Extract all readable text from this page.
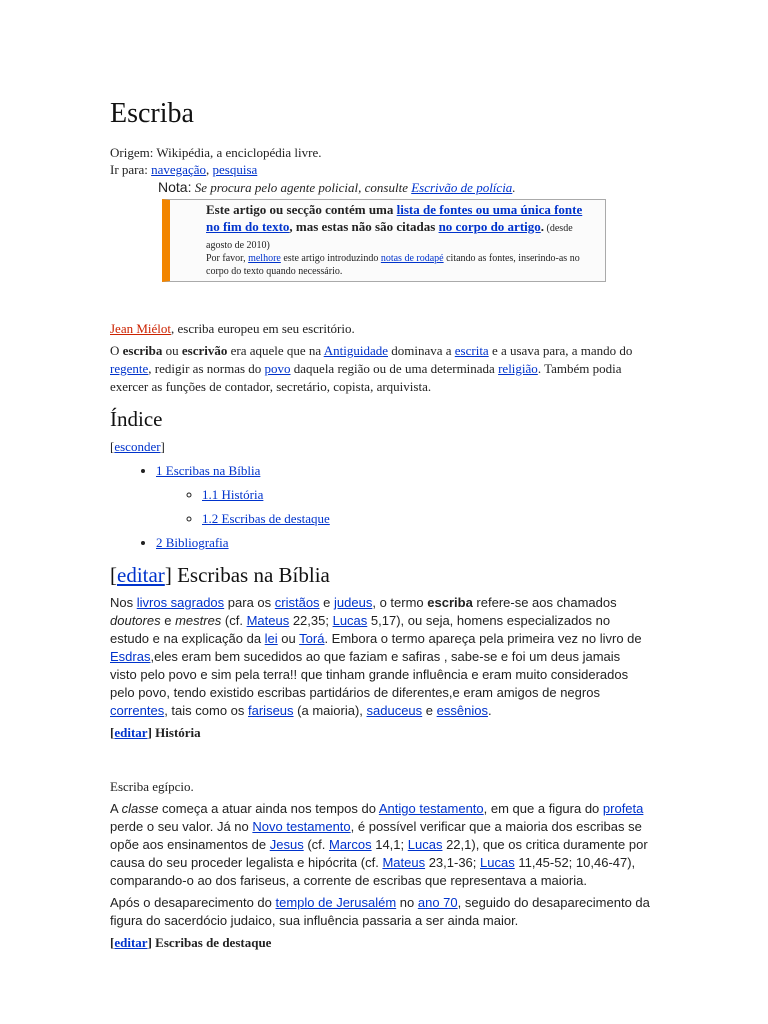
Escriba
Origem: Wikipédia, a enciclopédia livre.
Ir para: navegação, pesquisa
Nota: Se procura pelo agente policial, consulte Escrivão de polícia.
Este artigo ou secção contém uma lista de fontes ou uma única fonte no fim do texto, mas estas não são citadas no corpo do artigo. (desde agosto de 2010)
Por favor, melhore este artigo introduzindo notas de rodapé citando as fontes, inserindo-as no corpo do texto quando necessário.

Jean Miélot, escriba europeu em seu escritório.

O escriba ou escrivão era aquele que na Antiguidade dominava a escrita e a usava para, a mando do regente, redigir as normas do povo daquela região ou de uma determinada religião. Também podia exercer as funções de contador, secretário, copista, arquivista.

Índice
[esconder]
• 1 Escribas na Bíblia
◦ 1.1 História
◦ 1.2 Escribas de destaque
• 2 Bibliografia
[editar] Escribas na Bíblia

Nos livros sagrados para os cristãos e judeus, o termo escriba refere-se aos chamados doutores e mestres (cf. Mateus 22,35; Lucas 5,17), ou seja, homens especializados no estudo e na explicação da lei ou Torá. Embora o termo apareça pela primeira vez no livro de Esdras,eles eram bem sucedidos ao que faziam e safiras , sabe-se e foi um deus jamais visto pelo povo e sim pela terra!! que tinham grande influência e eram muito considerados pelo povo, tendo existido escribas partidários de diferentes,e eram amigos de negros correntes, tais como os fariseus (a maioria), saduceus e essênios.

[editar] História

Escriba egípcio.

A classe começa a atuar ainda nos tempos do Antigo testamento, em que a figura do profeta perde o seu valor. Já no Novo testamento, é possível verificar que a maioria dos escribas se opõe aos ensinamentos de Jesus (cf. Marcos 14,1; Lucas 22,1), que os critica duramente por causa do seu proceder legalista e hipócrita (cf. Mateus 23,1-36; Lucas 11,45-52; 10,46-47), comparando-o ao dos fariseus, a corrente de escribas que representava a maioria.

Após o desaparecimento do templo de Jerusalém no ano 70, seguido do desaparecimento da figura do sacerdócio judaico, sua influência passaria a ser ainda maior.

[editar] Escribas de destaque
